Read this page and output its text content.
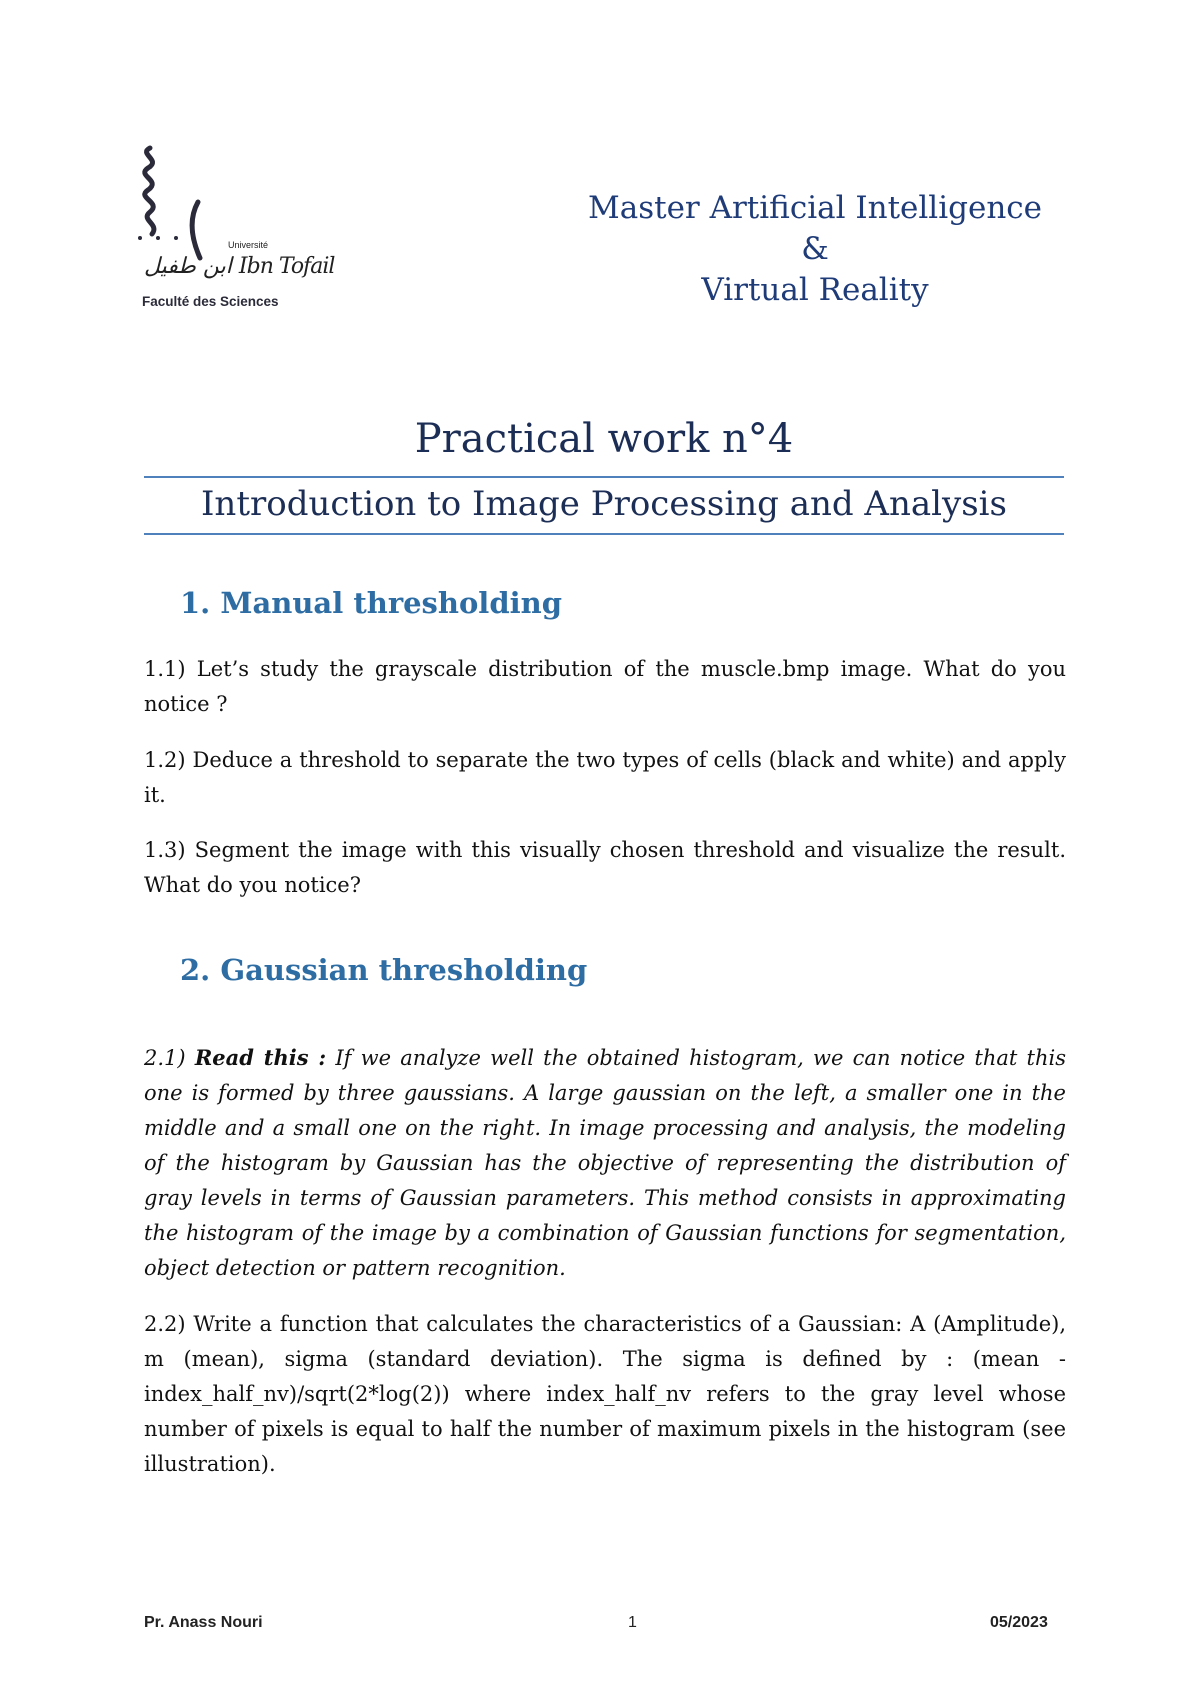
Université
ابن طفيل Ibn Tofail
Faculté des Sciences
Master Artificial Intelligence
&
Virtual Reality
Practical work n°4
Introduction to Image Processing and Analysis
1. Manual thresholding
1.1) Let’s study the grayscale distribution of the muscle.bmp image. What do you notice ?
1.2) Deduce a threshold to separate the two types of cells (black and white) and apply it.
1.3) Segment the image with this visually chosen threshold and visualize the result. What do you notice?
2. Gaussian thresholding
2.1) Read this : If we analyze well the obtained histogram, we can notice that this one is formed by three gaussians. A large gaussian on the left, a smaller one in the middle and a small one on the right. In image processing and analysis, the modeling of the histogram by Gaussian has the objective of representing the distribution of gray levels in terms of Gaussian parameters. This method consists in approximating the histogram of the image by a combination of Gaussian functions for segmentation, object detection or pattern recognition.
2.2) Write a function that calculates the characteristics of a Gaussian: A (Amplitude), m (mean), sigma (standard deviation). The sigma is defined by : (mean - index_half_nv)/sqrt(2*log(2)) where index_half_nv refers to the gray level whose number of pixels is equal to half the number of maximum pixels in the histogram (see illustration).
Pr. Anass Nouri	1	05/2023
